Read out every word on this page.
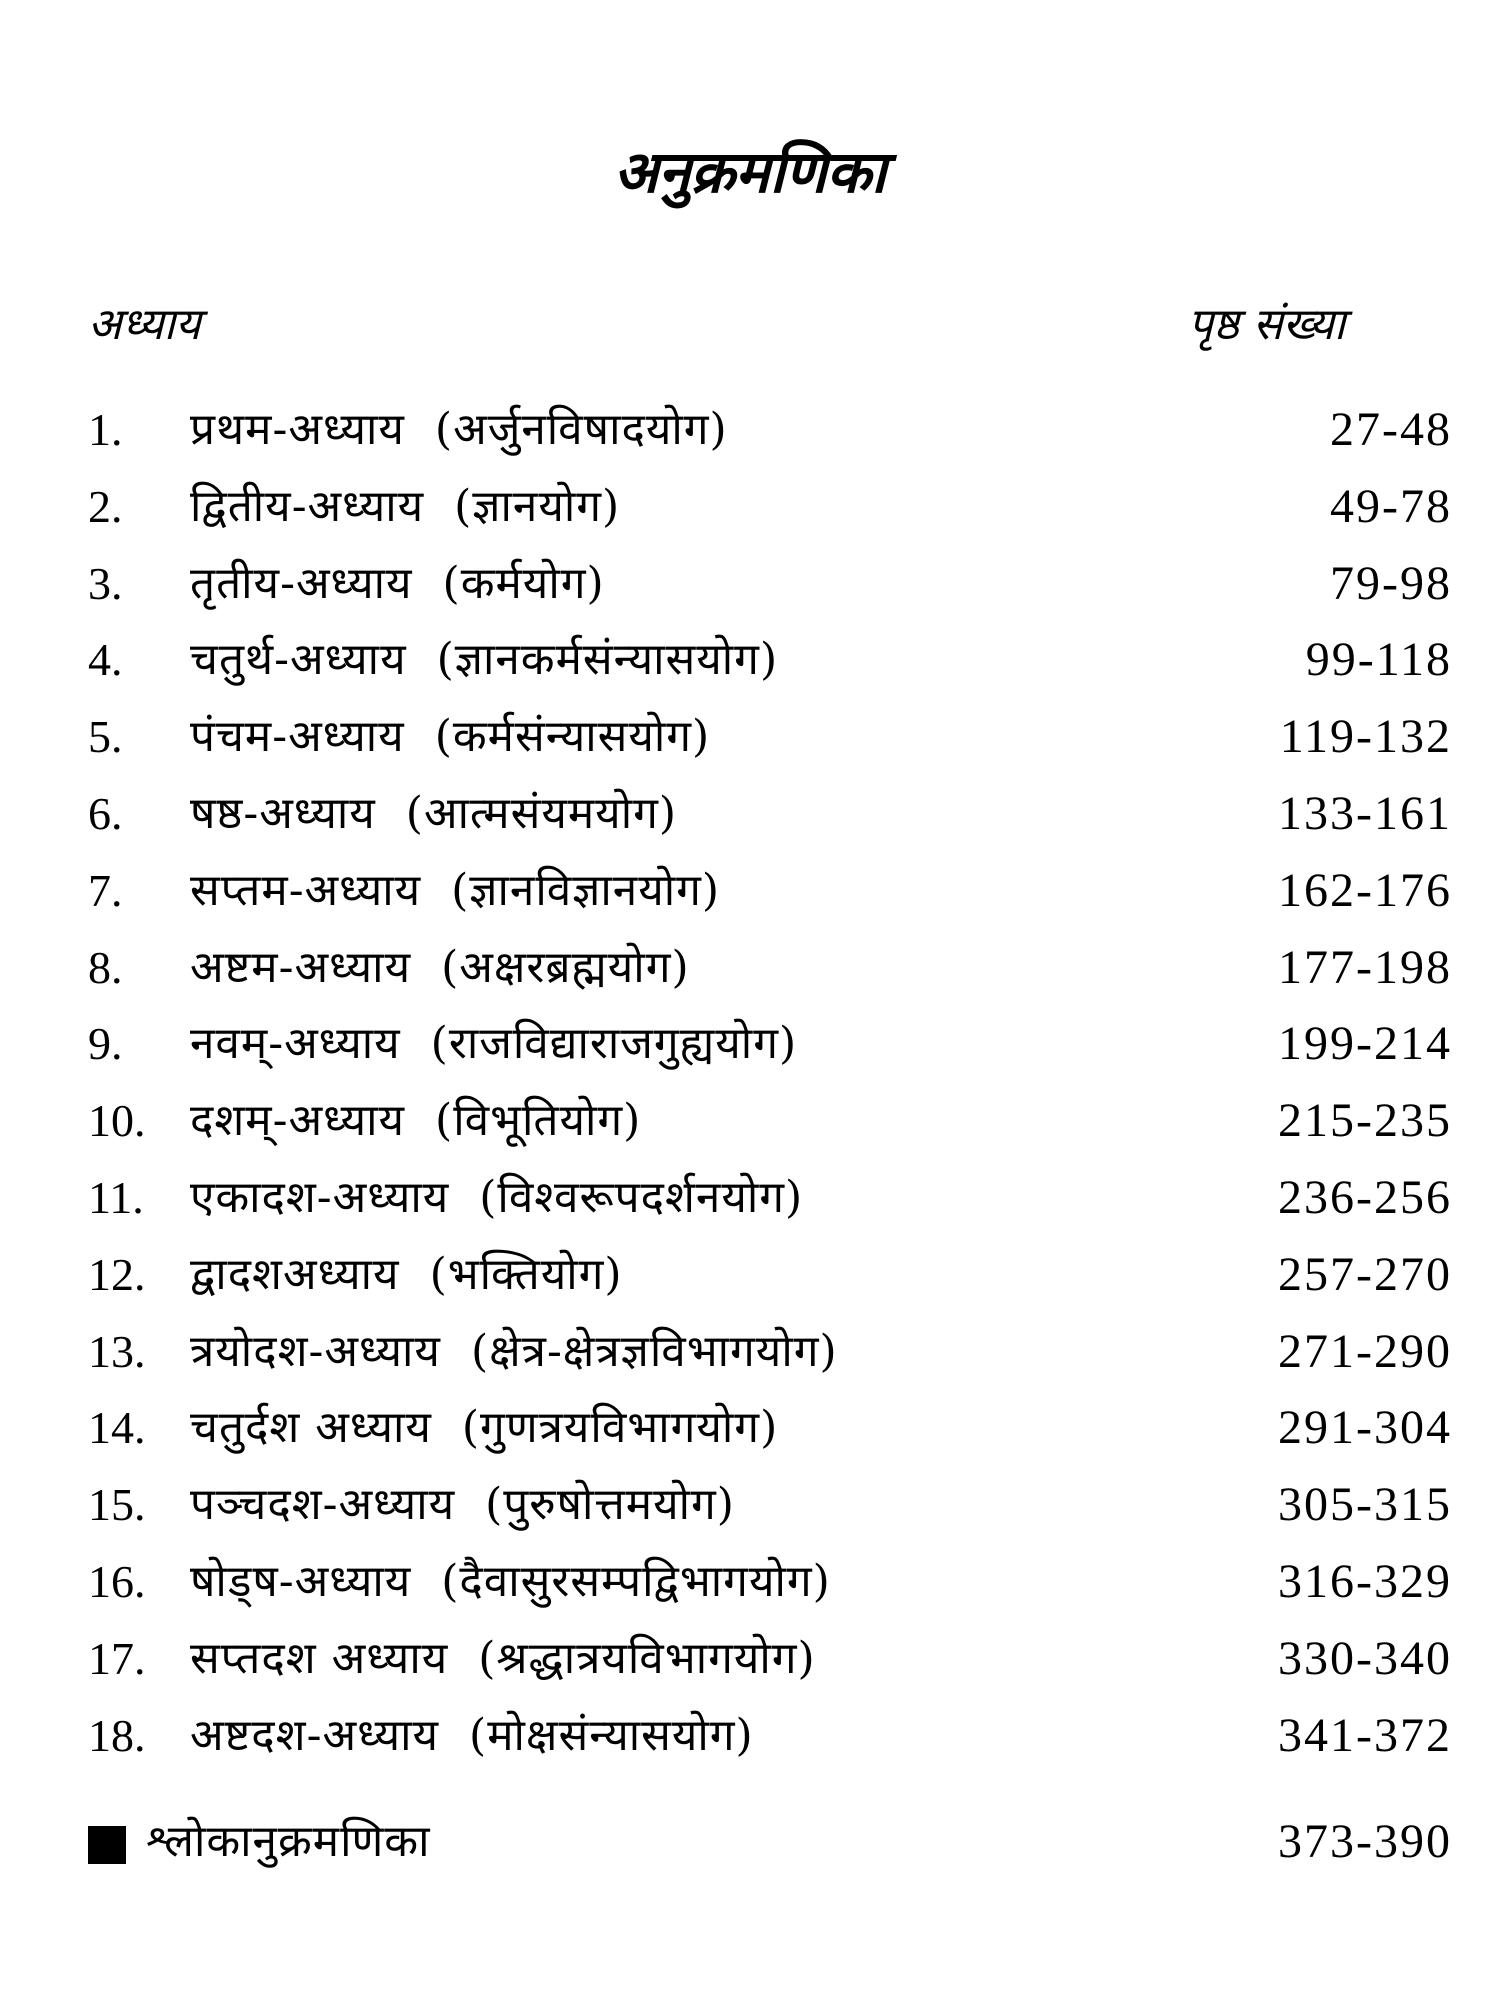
अनुक्रमणिका
अध्याय	पृष्ठ संख्या
1. प्रथम-अध्याय (अर्जुनविषादयोग)	27-48
2. द्वितीय-अध्याय (ज्ञानयोग)	49-78
3. तृतीय-अध्याय (कर्मयोग)	79-98
4. चतुर्थ-अध्याय (ज्ञानकर्मसंन्यासयोग)	99-118
5. पंचम-अध्याय (कर्मसंन्यासयोग)	119-132
6. षष्ठ-अध्याय (आत्मसंयमयोग)	133-161
7. सप्तम-अध्याय (ज्ञानविज्ञानयोग)	162-176
8. अष्टम-अध्याय (अक्षरब्रह्मयोग)	177-198
9. नवम्-अध्याय (राजविद्याराजगुह्ययोग)	199-214
10. दशम्-अध्याय (विभूतियोग)	215-235
11. एकादश-अध्याय (विश्वरूपदर्शनयोग)	236-256
12. द्वादशअध्याय (भक्तियोग)	257-270
13. त्रयोदश-अध्याय (क्षेत्र-क्षेत्रज्ञविभागयोग)	271-290
14. चतुर्दश अध्याय (गुणत्रयविभागयोग)	291-304
15. पञ्चदश-अध्याय (पुरुषोत्तमयोग)	305-315
16. षोड्ष-अध्याय (दैवासुरसम्पद्विभागयोग)	316-329
17. सप्तदश अध्याय (श्रद्धात्रयविभागयोग)	330-340
18. अष्टदश-अध्याय (मोक्षसंन्यासयोग)	341-372
श्लोकानुक्रमणिका	373-390
